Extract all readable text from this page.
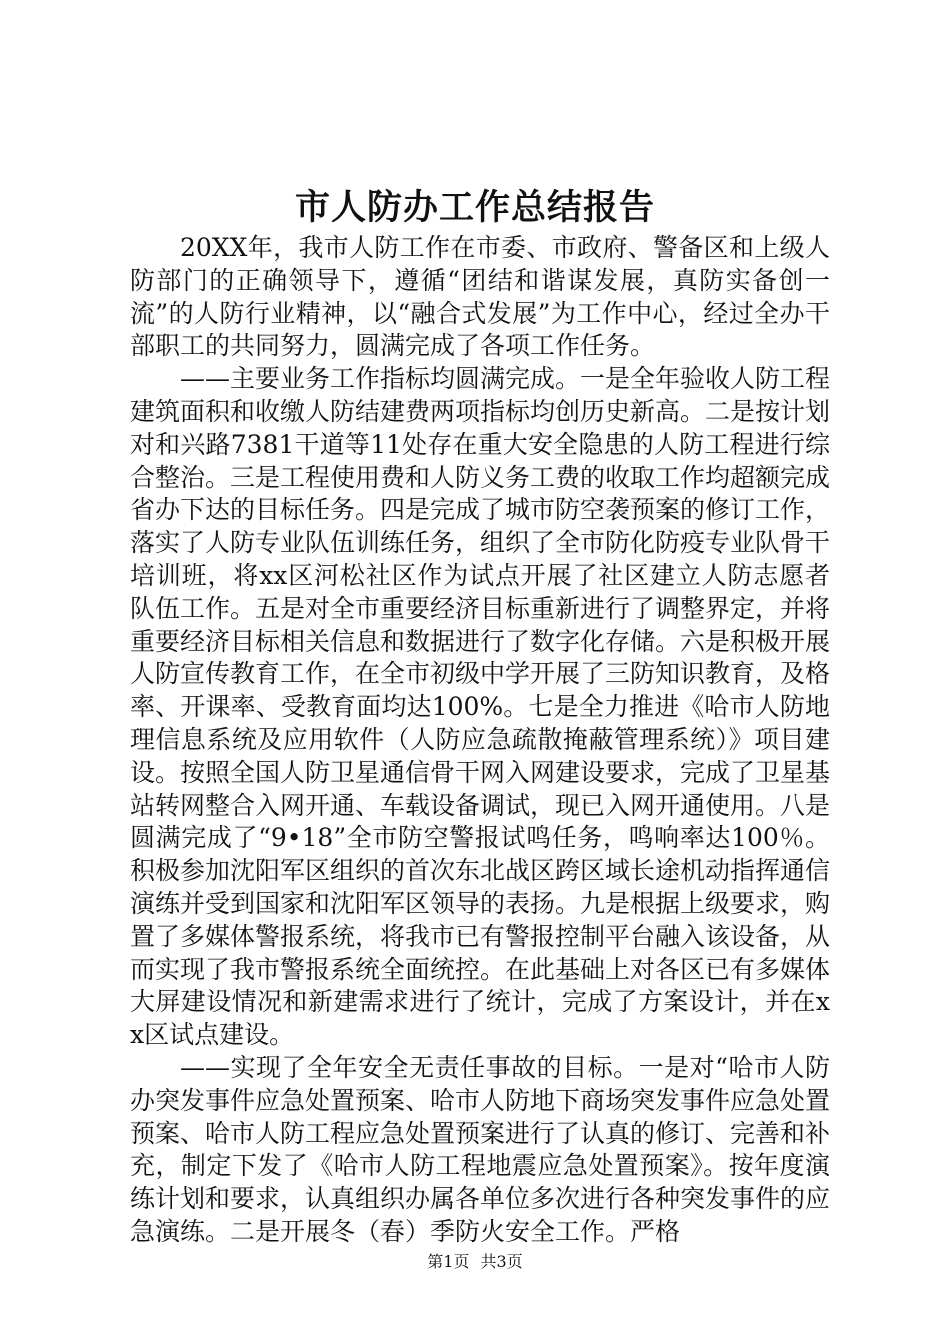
市人防办工作总结报告

20XX年，我市人防工作在市委、市政府、警备区和上级人防部门的正确领导下，遵循“团结和谐谋发展，真防实备创一流”的人防行业精神，以“融合式发展”为工作中心，经过全办干部职工的共同努力，圆满完成了各项工作任务。

——主要业务工作指标均圆满完成。一是全年验收人防工程建筑面积和收缴人防结建费两项指标均创历史新高。二是按计划对和兴路7381干道等11处存在重大安全隐患的人防工程进行综合整治。三是工程使用费和人防义务工费的收取工作均超额完成省办下达的目标任务。四是完成了城市防空袭预案的修订工作，落实了人防专业队伍训练任务，组织了全市防化防疫专业队骨干培训班，将xx区河松社区作为试点开展了社区建立人防志愿者队伍工作。五是对全市重要经济目标重新进行了调整界定，并将重要经济目标相关信息和数据进行了数字化存储。六是积极开展人防宣传教育工作，在全市初级中学开展了三防知识教育，及格率、开课率、受教育面均达100%。七是全力推进《哈市人防地理信息系统及应用软件（人防应急疏散掩蔽管理系统）》项目建设。按照全国人防卫星通信骨干网入网建设要求，完成了卫星基站转网整合入网开通、车载设备调试，现已入网开通使用。八是圆满完成了“9•18”全市防空警报试鸣任务，鸣响率达100％。积极参加沈阳军区组织的首次东北战区跨区域长途机动指挥通信演练并受到国家和沈阳军区领导的表扬。九是根据上级要求，购置了多媒体警报系统，将我市已有警报控制平台融入该设备，从而实现了我市警报系统全面统控。在此基础上对各区已有多媒体大屏建设情况和新建需求进行了统计，完成了方案设计，并在xx区试点建设。

——实现了全年安全无责任事故的目标。一是对“哈市人防办突发事件应急处置预案、哈市人防地下商场突发事件应急处置预案、哈市人防工程应急处置预案进行了认真的修订、完善和补充，制定下发了《哈市人防工程地震应急处置预案》。按年度演练计划和要求，认真组织办属各单位多次进行各种突发事件的应急演练。二是开展冬（春）季防火安全工作。严格

第1页 共3页
